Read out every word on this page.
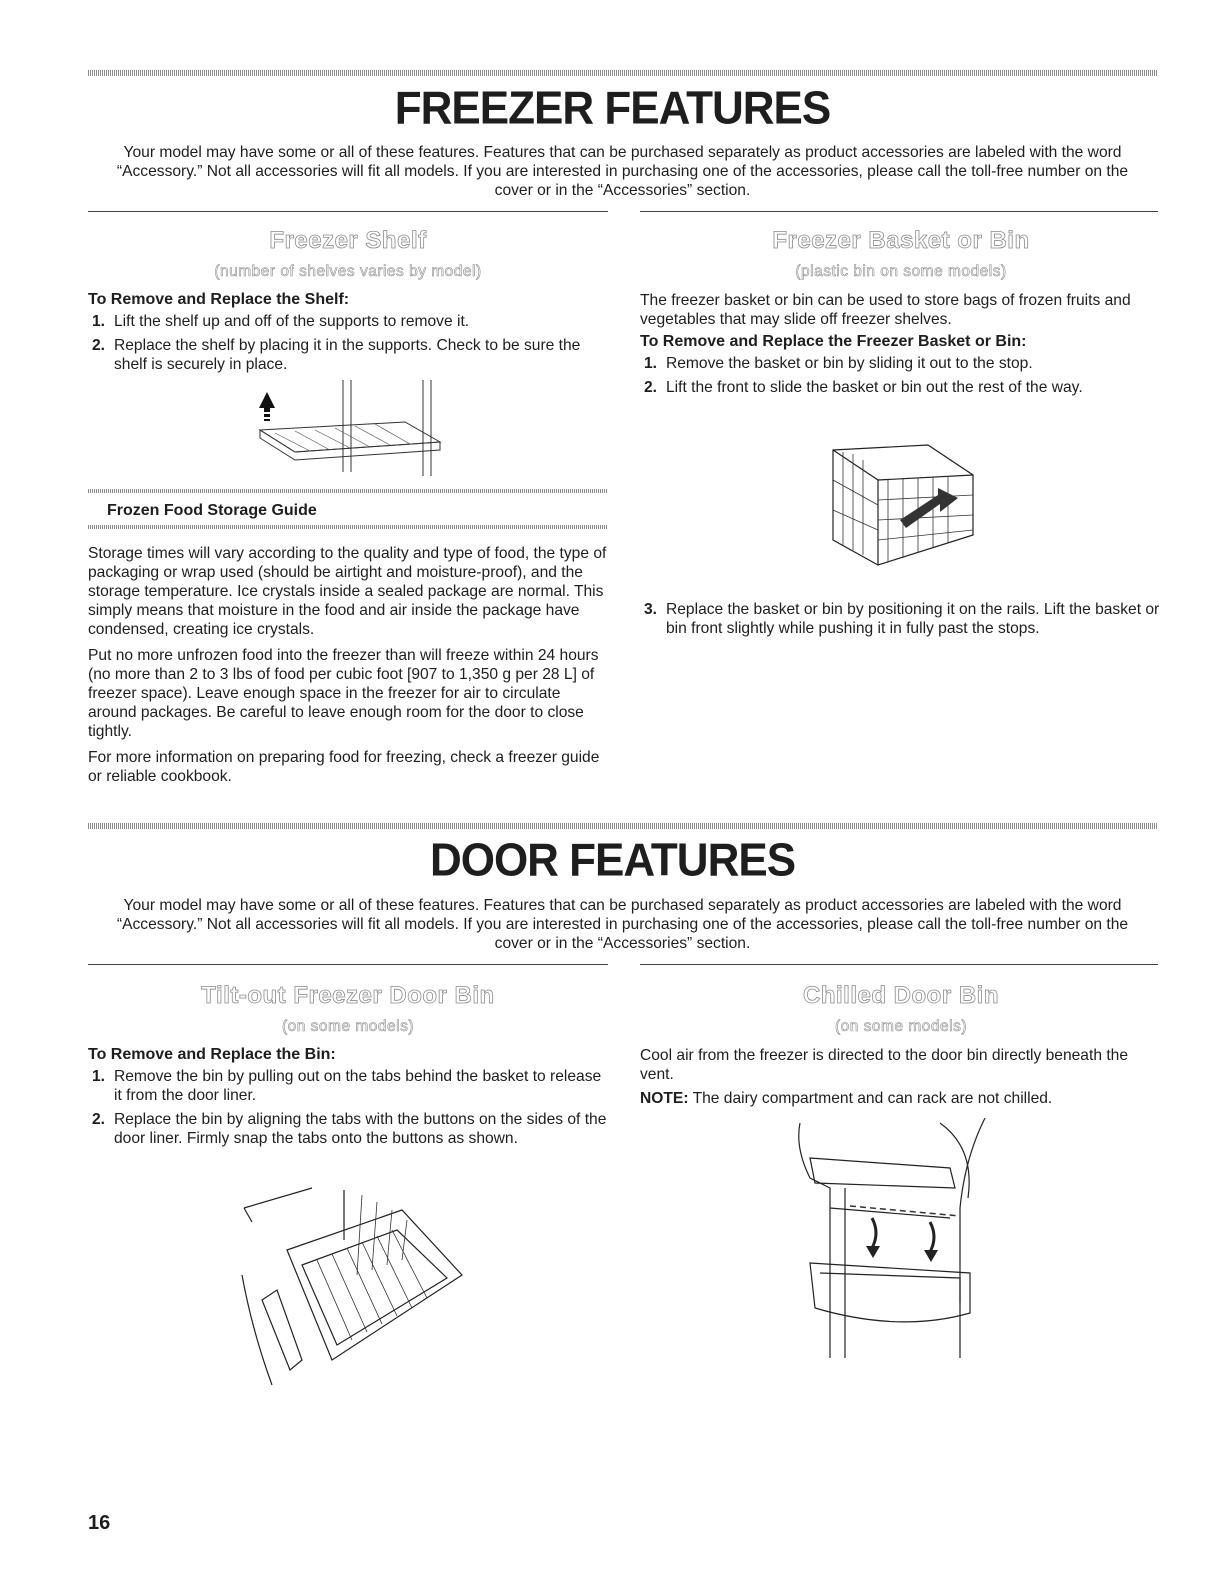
FREEZER FEATURES

Your model may have some or all of these features. Features that can be purchased separately as product accessories are labeled with the word “Accessory.” Not all accessories will fit all models. If you are interested in purchasing one of the accessories, please call the toll-free number on the cover or in the “Accessories” section.

Freezer Shelf
(number of shelves varies by model)
To Remove and Replace the Shelf:
1. Lift the shelf up and off of the supports to remove it.
2. Replace the shelf by placing it in the supports. Check to be sure the shelf is securely in place.
Frozen Food Storage Guide

Storage times will vary according to the quality and type of food, the type of packaging or wrap used (should be airtight and moisture-proof), and the storage temperature. Ice crystals inside a sealed package are normal. This simply means that moisture in the food and air inside the package have condensed, creating ice crystals.

Put no more unfrozen food into the freezer than will freeze within 24 hours (no more than 2 to 3 lbs of food per cubic foot [907 to 1,350 g per 28 L] of freezer space). Leave enough space in the freezer for air to circulate around packages. Be careful to leave enough room for the door to close tightly.

For more information on preparing food for freezing, check a freezer guide or reliable cookbook.

Freezer Basket or Bin
(plastic bin on some models)

The freezer basket or bin can be used to store bags of frozen fruits and vegetables that may slide off freezer shelves.

To Remove and Replace the Freezer Basket or Bin:
1. Remove the basket or bin by sliding it out to the stop.
2. Lift the front to slide the basket or bin out the rest of the way.
3. Replace the basket or bin by positioning it on the rails. Lift the basket or bin front slightly while pushing it in fully past the stops.
DOOR FEATURES

Your model may have some or all of these features. Features that can be purchased separately as product accessories are labeled with the word “Accessory.” Not all accessories will fit all models. If you are interested in purchasing one of the accessories, please call the toll-free number on the cover or in the “Accessories” section.

Tilt-out Freezer Door Bin
(on some models)
To Remove and Replace the Bin:
1. Remove the bin by pulling out on the tabs behind the basket to release it from the door liner.
2. Replace the bin by aligning the tabs with the buttons on the sides of the door liner. Firmly snap the tabs onto the buttons as shown.
Chilled Door Bin
(on some models)

Cool air from the freezer is directed to the door bin directly beneath the vent.

NOTE: The dairy compartment and can rack are not chilled.

16
